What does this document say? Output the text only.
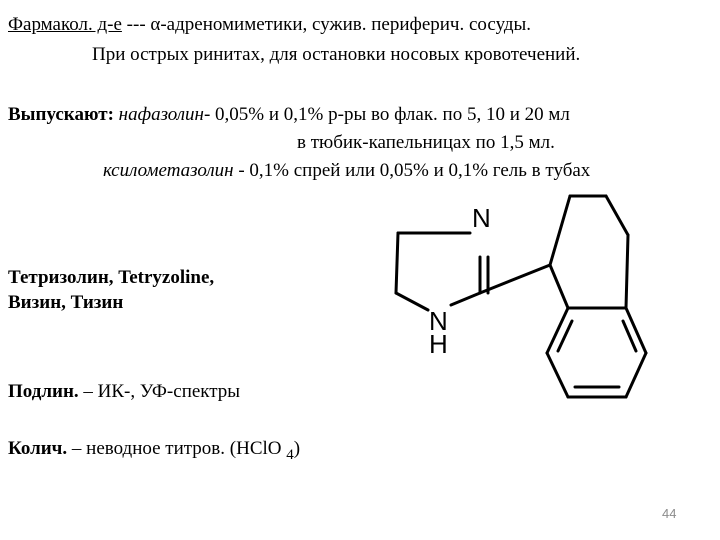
Фармакол. д-е --- α-адреномиметики, сужив. периферич. сосуды.
При острых ринитах, для остановки носовых кровотечений.
Выпускают: нафазолин- 0,05% и 0,1% р-ры во флак. по 5, 10 и 20 мл
в тюбик-капельницах по 1,5 мл.
ксилометазолин - 0,1% спрей или 0,05% и 0,1% гель в тубах
Тетризолин, Tetryzoline,
Визин, Тизин
N
N
H
Подлин. – ИК-, УФ-спектры
Колич. – неводное титров. (HClO $_4$)
44
